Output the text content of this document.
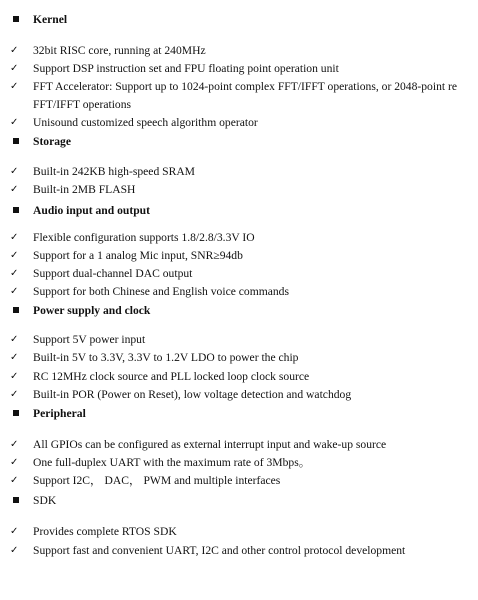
Kernel
✓ 32bit RISC core, running at 240MHz
✓ Support DSP instruction set and FPU floating point operation unit
✓ FFT Accelerator: Support up to 1024-point complex FFT/IFFT operations, or 2048-point re
FFT/IFFT operations
✓ Unisound customized speech algorithm operator
Storage
✓ Built-in 242KB high-speed SRAM
✓ Built-in 2MB FLASH
Audio input and output
✓ Flexible configuration supports 1.8/2.8/3.3V IO
✓ Support for a 1 analog Mic input, SNR≥94db
✓ Support dual-channel DAC output
✓ Support for both Chinese and English voice commands
Power supply and clock
✓ Support 5V power input
✓ Built-in 5V to 3.3V, 3.3V to 1.2V LDO to power the chip
✓ RC 12MHz clock source and PLL locked loop clock source
✓ Built-in POR (Power on Reset), low voltage detection and watchdog
Peripheral
✓ All GPIOs can be configured as external interrupt input and wake-up source
✓ One full-duplex UART with the maximum rate of 3Mbps。
✓ Support I2C， DAC， PWM and multiple interfaces
SDK
✓ Provides complete RTOS SDK
✓ Support fast and convenient UART, I2C and other control protocol development
